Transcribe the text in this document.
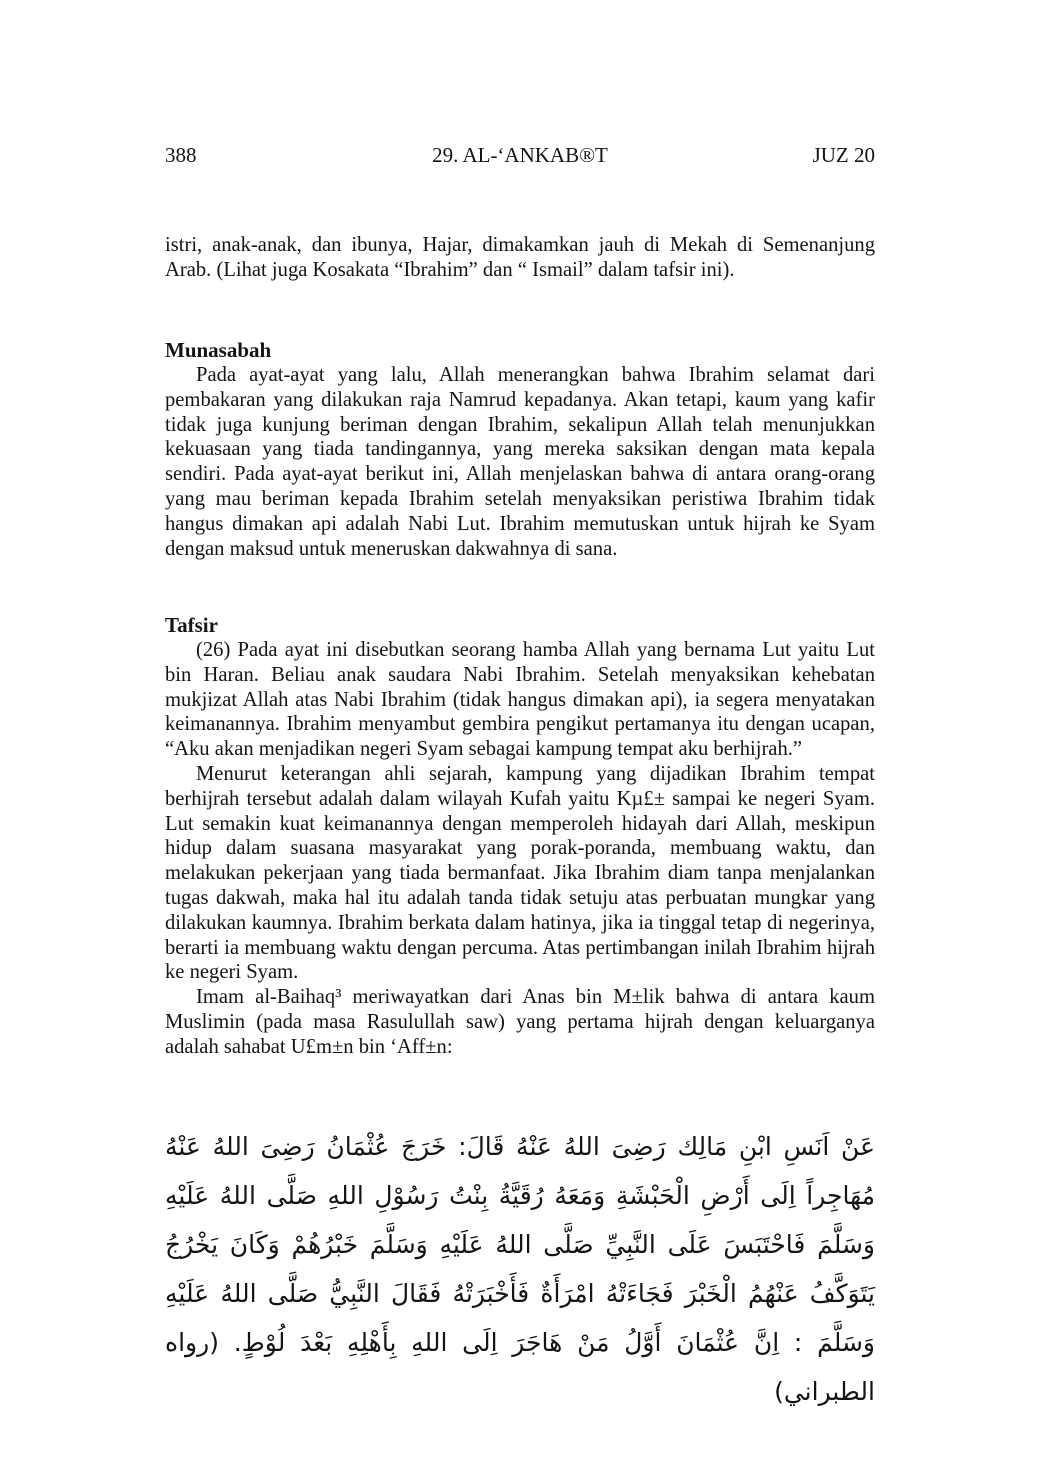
388	29. AL-‘ANKAB®T	JUZ 20

istri, anak-anak, dan ibunya, Hajar, dimakamkan jauh di Mekah di Semenanjung Arab. (Lihat juga Kosakata “Ibrahim” dan “ Ismail” dalam tafsir ini).

Munasabah

Pada ayat-ayat yang lalu, Allah menerangkan bahwa Ibrahim selamat dari pembakaran yang dilakukan raja Namrud kepadanya. Akan tetapi, kaum yang kafir tidak juga kunjung beriman dengan Ibrahim, sekalipun Allah telah menunjukkan kekuasaan yang tiada tandingannya, yang mereka saksikan dengan mata kepala sendiri. Pada ayat-ayat berikut ini, Allah menjelaskan bahwa di antara orang-orang yang mau beriman kepada Ibrahim setelah menyaksikan peristiwa Ibrahim tidak hangus dimakan api adalah Nabi Lut. Ibrahim memutuskan untuk hijrah ke Syam dengan maksud untuk meneruskan dakwahnya di sana.

Tafsir

(26) Pada ayat ini disebutkan seorang hamba Allah yang bernama Lut yaitu Lut bin Haran. Beliau anak saudara Nabi Ibrahim. Setelah menyaksikan kehebatan mukjizat Allah atas Nabi Ibrahim (tidak hangus dimakan api), ia segera menyatakan keimanannya. Ibrahim menyambut gembira pengikut pertamanya itu dengan ucapan, “Aku akan menjadikan negeri Syam sebagai kampung tempat aku berhijrah.”

Menurut keterangan ahli sejarah, kampung yang dijadikan Ibrahim tempat berhijrah tersebut adalah dalam wilayah Kufah yaitu Kµ£± sampai ke negeri Syam. Lut semakin kuat keimanannya dengan memperoleh hidayah dari Allah, meskipun hidup dalam suasana masyarakat yang porak-poranda, membuang waktu, dan melakukan pekerjaan yang tiada bermanfaat. Jika Ibrahim diam tanpa menjalankan tugas dakwah, maka hal itu adalah tanda tidak setuju atas perbuatan mungkar yang dilakukan kaumnya. Ibrahim berkata dalam hatinya, jika ia tinggal tetap di negerinya, berarti ia membuang waktu dengan percuma. Atas pertimbangan inilah Ibrahim hijrah ke negeri Syam.

Imam al-Baihaq³ meriwayatkan dari Anas bin M±lik bahwa di antara kaum Muslimin (pada masa Rasulullah saw) yang pertama hijrah dengan keluarganya adalah sahabat U£m±n bin ‘Aff±n:

عَنْ اَنَسِ ابْنِ مَالِك رَضِىَ اللهُ عَنْهُ قَالَ: خَرَجَ عُثْمَانُ رَضِىَ اللهُ عَنْهُ مُهَاجِراً اِلَى أَرْضِ الْحَبْشَةِ وَمَعَهُ رُقَيَّةُ بِنْتُ رَسُوْلِ اللهِ صَلَّى اللهُ عَلَيْهِ وَسَلَّمَ فَاحْتَبَسَ عَلَى النَّبِيِّ صَلَّى اللهُ عَلَيْهِ وَسَلَّمَ خَبْرُهُمْ وَكَانَ يَخْرُجُ يَتَوَكَّفُ عَنْهُمُ الْخَبْرَ فَجَاءَتْهُ امْرَأَةٌ فَأَخْبَرَتْهُ فَقَالَ النَّبِيُّ صَلَّى اللهُ عَلَيْهِ وَسَلَّمَ : اِنَّ عُثْمَانَ أَوَّلُ مَنْ هَاجَرَ اِلَى اللهِ بِأَهْلِهِ بَعْدَ لُوْطٍ. (رواه الطبراني)
